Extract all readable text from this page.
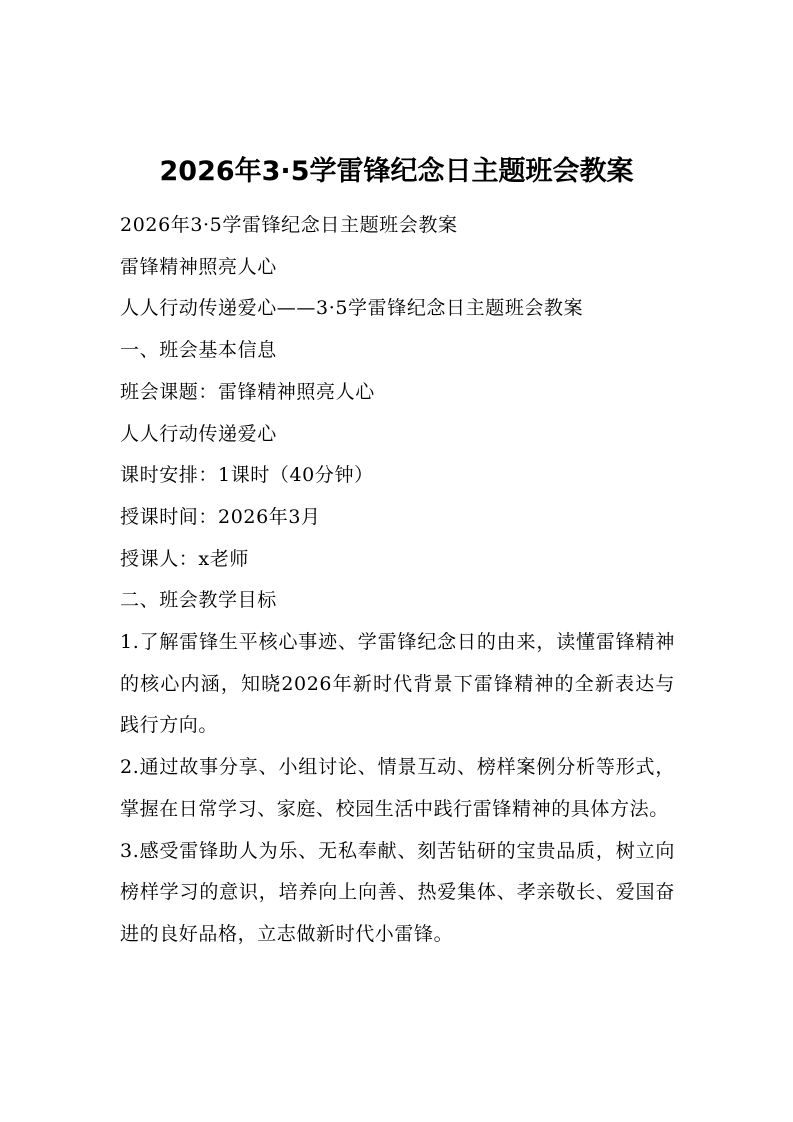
2026年3·5学雷锋纪念日主题班会教案

2026年3·5学雷锋纪念日主题班会教案

雷锋精神照亮人心

人人行动传递爱心——3·5学雷锋纪念日主题班会教案

一、班会基本信息

班会课题：雷锋精神照亮人心

人人行动传递爱心

课时安排：1课时（40分钟）

授课时间：2026年3月

授课人：x老师

二、班会教学目标

1.了解雷锋生平核心事迹、学雷锋纪念日的由来，读懂雷锋精神的核心内涵，知晓2026年新时代背景下雷锋精神的全新表达与践行方向。

2.通过故事分享、小组讨论、情景互动、榜样案例分析等形式，掌握在日常学习、家庭、校园生活中践行雷锋精神的具体方法。

3.感受雷锋助人为乐、无私奉献、刻苦钻研的宝贵品质，树立向榜样学习的意识，培养向上向善、热爱集体、孝亲敬长、爱国奋进的良好品格，立志做新时代小雷锋。
